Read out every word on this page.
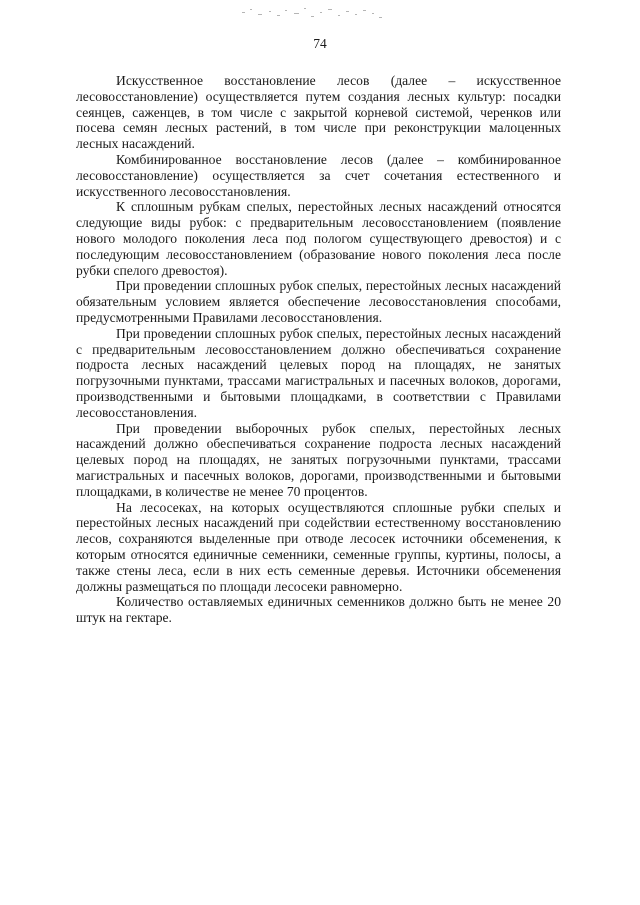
74

Искусственное восстановление лесов (далее – искусственное лесовосстановление) осуществляется путем создания лесных культур: посадки сеянцев, саженцев, в том числе с закрытой корневой системой, черенков или посева семян лесных растений, в том числе при реконструкции малоценных лесных насаждений.

Комбинированное восстановление лесов (далее – комбинированное лесовосстановление) осуществляется за счет сочетания естественного и искусственного лесовосстановления.

К сплошным рубкам спелых, перестойных лесных насаждений относятся следующие виды рубок: с предварительным лесовосстановлением (появление нового молодого поколения леса под пологом существующего древостоя) и с последующим лесовосстановлением (образование нового поколения леса после рубки спелого древостоя).

При проведении сплошных рубок спелых, перестойных лесных насаждений обязательным условием является обеспечение лесовосстановления способами, предусмотренными Правилами лесовосстановления.

При проведении сплошных рубок спелых, перестойных лесных насаждений с предварительным лесовосстановлением должно обеспечиваться сохранение подроста лесных насаждений целевых пород на площадях, не занятых погрузочными пунктами, трассами магистральных и пасечных волоков, дорогами, производственными и бытовыми площадками, в соответствии с Правилами лесовосстановления.

При проведении выборочных рубок спелых, перестойных лесных насаждений должно обеспечиваться сохранение подроста лесных насаждений целевых пород на площадях, не занятых погрузочными пунктами, трассами магистральных и пасечных волоков, дорогами, производственными и бытовыми площадками, в количестве не менее 70 процентов.

На лесосеках, на которых осуществляются сплошные рубки спелых и перестойных лесных насаждений при содействии естественному восстановлению лесов, сохраняются выделенные при отводе лесосек источники обсеменения, к которым относятся единичные семенники, семенные группы, куртины, полосы, а также стены леса, если в них есть семенные деревья. Источники обсеменения должны размещаться по площади лесосеки равномерно.

Количество оставляемых единичных семенников должно быть не менее 20 штук на гектаре.
